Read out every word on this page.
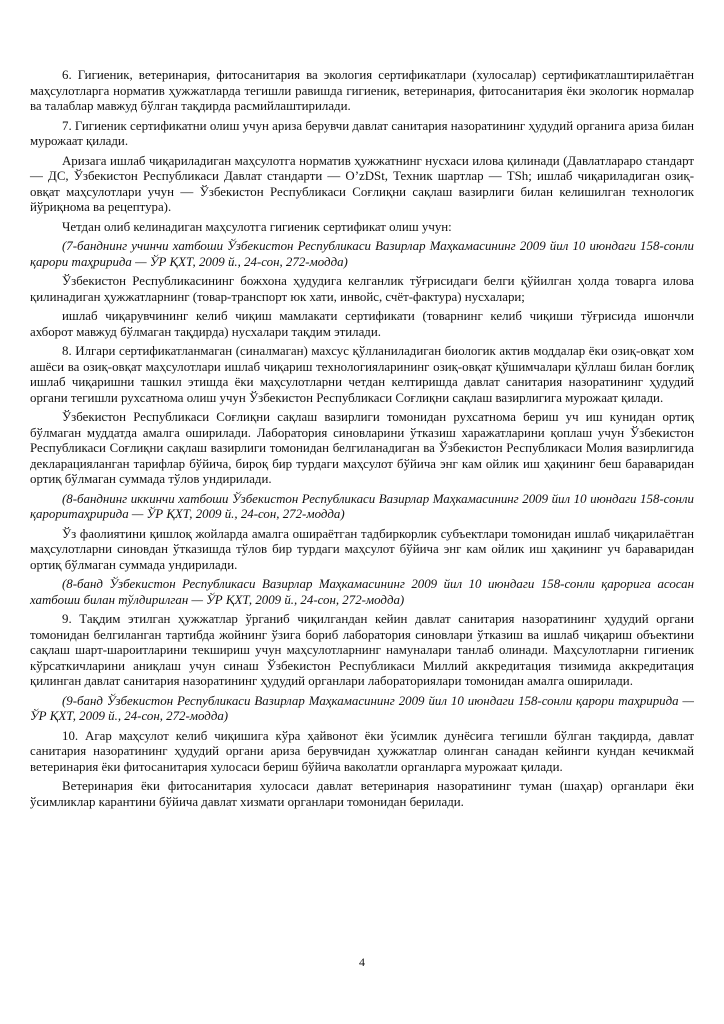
6. Гигиеник, ветеринария, фитосанитария ва экология сертификатлари (хулосалар) сертификатлаштирилаётган маҳсулотларга норматив ҳужжатларда тегишли равишда гигиеник, ветеринария, фитосанитария ёки экологик нормалар ва талаблар мавжуд бўлган тақдирда расмийлаштирилади.

7. Гигиеник сертификатни олиш учун ариза берувчи давлат санитария назоратининг ҳудудий органига ариза билан мурожаат қилади.

Аризага ишлаб чиқариладиган маҳсулотга норматив ҳужжатнинг нусхаси илова қилинади (Давлатлараро стандарт — ДС, Ўзбекистон Республикаси Давлат стандарти — O’zDSt, Техник шартлар — TSh; ишлаб чиқариладиган озиқ-овқат маҳсулотлари учун — Ўзбекистон Республикаси Соғлиқни сақлаш вазирлиги билан келишилган технологик йўриқнома ва рецептура).

Четдан олиб келинадиган маҳсулотга гигиеник сертификат олиш учун:

(7-банднинг учинчи хатбоши Ўзбекистон Республикаси Вазирлар Маҳкамасининг 2009 йил 10 июндаги 158-сонли қарори таҳририда — ЎР ҚХТ, 2009 й., 24-сон, 272-модда)

Ўзбекистон Республикасининг божхона ҳудудига келганлик тўғрисидаги белги қўйилган ҳолда товарга илова қилинадиган ҳужжатларнинг (товар-транспорт юк хати, инвойс, счёт-фактура) нусхалари;

ишлаб чиқарувчининг келиб чиқиш мамлакати сертификати (товарнинг келиб чиқиши тўғрисида ишончли ахборот мавжуд бўлмаган тақдирда) нусхалари тақдим этилади.

8. Илгари сертификатланмаган (синалмаган) махсус қўлланиладиган биологик актив моддалар ёки озиқ-овқат хом ашёси ва озиқ-овқат маҳсулотлари ишлаб чиқариш технологияларининг озиқ-овқат қўшимчалари қўллаш билан боғлиқ ишлаб чиқаришни ташкил этишда ёки маҳсулотларни четдан келтиришда давлат санитария назоратининг ҳудудий органи тегишли рухсатнома олиш учун Ўзбекистон Республикаси Соғлиқни сақлаш вазирлигига мурожаат қилади.

Ўзбекистон Республикаси Соғлиқни сақлаш вазирлиги томонидан рухсатнома бериш уч иш кунидан ортиқ бўлмаган муддатда амалга оширилади. Лаборатория синовларини ўтказиш харажатларини қоплаш учун Ўзбекистон Республикаси Соғлиқни сақлаш вазирлиги томонидан белгиланадиган ва Ўзбекистон Республикаси Молия вазирлигида декларацияланган тарифлар бўйича, бироқ бир турдаги маҳсулот бўйича энг кам ойлик иш ҳақининг беш бараваридан ортиқ бўлмаган суммада тўлов ундирилади.

(8-банднинг иккинчи хатбоши Ўзбекистон Республикаси Вазирлар Маҳкамасининг 2009 йил 10 июндаги 158-сонли қароритаҳририда — ЎР ҚХТ, 2009 й., 24-сон, 272-модда)

Ўз фаолиятини қишлоқ жойларда амалга ошираётган тадбиркорлик субъектлари томонидан ишлаб чиқарилаётган маҳсулотларни синовдан ўтказишда тўлов бир турдаги маҳсулот бўйича энг кам ойлик иш ҳақининг уч бараваридан ортиқ бўлмаган суммада ундирилади.

(8-банд Ўзбекистон Республикаси Вазирлар Маҳкамасининг 2009 йил 10 июндаги 158-сонли қарорига асосан хатбоши билан тўлдирилган — ЎР ҚХТ, 2009 й., 24-сон, 272-модда)

9. Тақдим этилган ҳужжатлар ўрганиб чиқилгандан кейин давлат санитария назоратининг ҳудудий органи томонидан белгиланган тартибда жойнинг ўзига бориб лаборатория синовлари ўтказиш ва ишлаб чиқариш объектини сақлаш шарт-шароитларини текшириш учун маҳсулотларнинг намуналари танлаб олинади. Маҳсулотларни гигиеник кўрсаткичларини аниқлаш учун синаш Ўзбекистон Республикаси Миллий аккредитация тизимида аккредитация қилинган давлат санитария назоратининг ҳудудий органлари лабораториялари томонидан амалга оширилади.

(9-банд Ўзбекистон Республикаси Вазирлар Маҳкамасининг 2009 йил 10 июндаги 158-сонли қарори таҳририда — ЎР ҚХТ, 2009 й., 24-сон, 272-модда)

10. Агар маҳсулот келиб чиқишига кўра ҳайвонот ёки ўсимлик дунёсига тегишли бўлган тақдирда, давлат санитария назоратининг ҳудудий органи ариза берувчидан ҳужжатлар олинган санадан кейинги кундан кечикмай ветеринария ёки фитосанитария хулосаси бериш бўйича ваколатли органларга мурожаат қилади.

Ветеринария ёки фитосанитария хулосаси давлат ветеринария назоратининг туман (шаҳар) органлари ёки ўсимликлар карантини бўйича давлат хизмати органлари томонидан берилади.

4
